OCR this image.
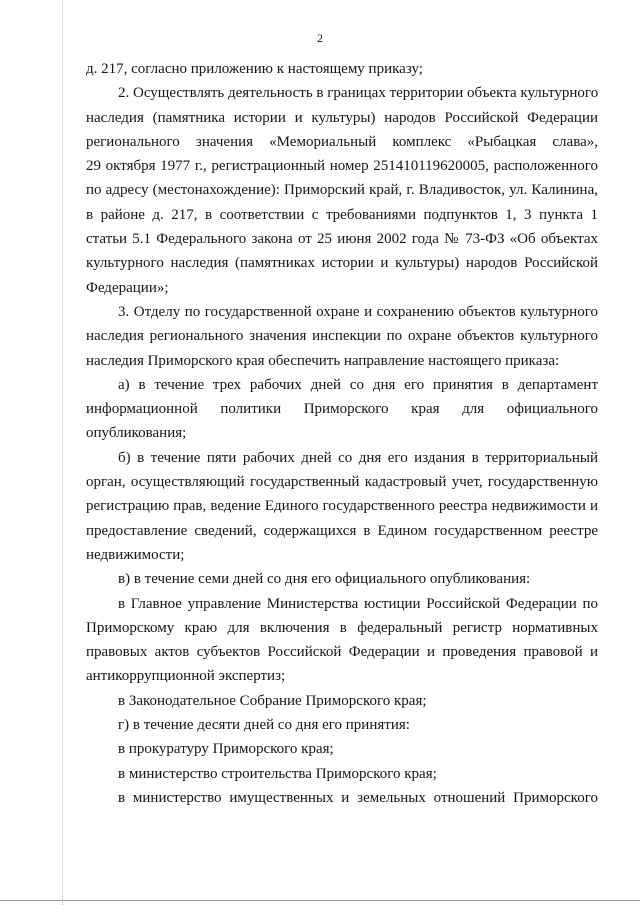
2
д. 217, согласно приложению к настоящему приказу;
2. Осуществлять деятельность в границах территории объекта культурного
наследия (памятника истории и культуры) народов Российской Федерации
регионального значения «Мемориальный комплекс «Рыбацкая слава»,
29 октября 1977 г., регистрационный номер 251410119620005, расположенного
по адресу (местонахождение): Приморский край, г. Владивосток, ул. Калинина,
в районе д. 217, в соответствии с требованиями подпунктов 1, 3 пункта 1
статьи 5.1 Федерального закона от 25 июня 2002 года № 73-ФЗ «Об объектах
культурного наследия (памятниках истории и культуры) народов Российской
Федерации»;
3. Отделу по государственной охране и сохранению объектов культурного
наследия регионального значения инспекции по охране объектов культурного
наследия Приморского края обеспечить направление настоящего приказа:
а) в течение трех рабочих дней со дня его принятия в департамент
информационной политики Приморского края для официального
опубликования;
б) в течение пяти рабочих дней со дня его издания в территориальный
орган, осуществляющий государственный кадастровый учет, государственную
регистрацию прав, ведение Единого государственного реестра недвижимости и
предоставление сведений, содержащихся в Едином государственном реестре
недвижимости;
в) в течение семи дней со дня его официального опубликования:
в Главное управление Министерства юстиции Российской Федерации по
Приморскому краю для включения в федеральный регистр нормативных
правовых актов субъектов Российской Федерации и проведения правовой и
антикоррупционной экспертиз;
в Законодательное Собрание Приморского края;
г) в течение десяти дней со дня его принятия:
в прокуратуру Приморского края;
в министерство строительства Приморского края;
в министерство имущественных и земельных отношений Приморского
